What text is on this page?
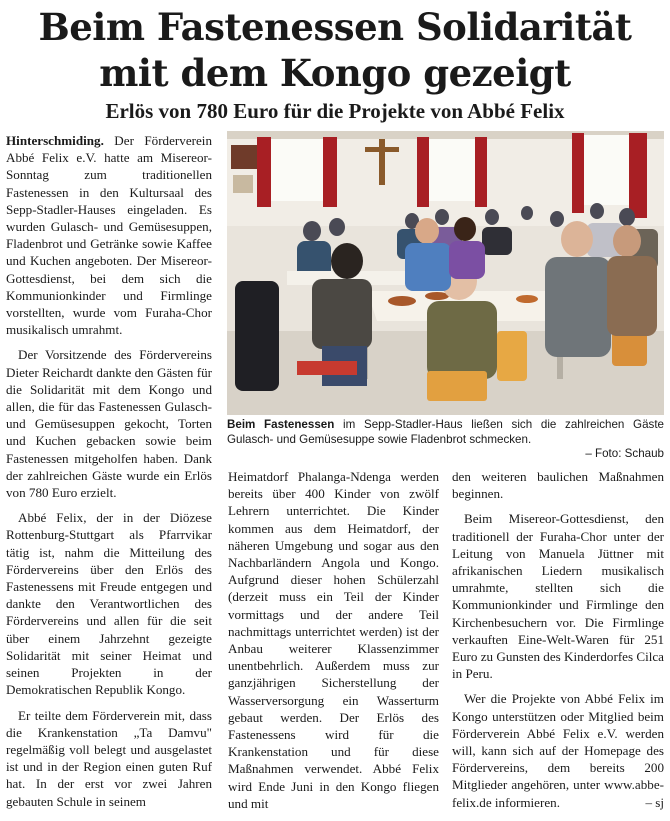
Beim Fastenessen Solidarität
mit dem Kongo gezeigt
Erlös von 780 Euro für die Projekte von Abbé Felix

Hinterschmiding. Der Förderverein Abbé Felix e.V. hatte am Misereor-Sonntag zum traditionellen Fastenessen in den Kultursaal des Sepp-Stadler-Hauses eingeladen. Es wurden Gulasch- und Gemüsesuppen, Fladenbrot und Getränke sowie Kaffee und Kuchen angeboten. Der Misereor-Gottesdienst, bei dem sich die Kommunionkinder und Firmlinge vorstellten, wurde vom Furaha-Chor musikalisch umrahmt.

Der Vorsitzende des Fördervereins Dieter Reichardt dankte den Gästen für die Solidarität mit dem Kongo und allen, die für das Fastenessen Gulasch- und Gemüsesuppen gekocht, Torten und Kuchen gebacken sowie beim Fastenessen mitgeholfen haben. Dank der zahlreichen Gäste wurde ein Erlös von 780 Euro erzielt.

Abbé Felix, der in der Diözese Rottenburg-Stuttgart als Pfarrvikar tätig ist, nahm die Mitteilung des Fördervereins über den Erlös des Fastenessens mit Freude entgegen und dankte den Verantwortlichen des Fördervereins und allen für die seit über einem Jahrzehnt gezeigte Solidarität mit seiner Heimat und seinen Projekten in der Demokratischen Republik Kongo.

Er teilte dem Förderverein mit, dass die Krankenstation „Ta Damvu" regelmäßig voll belegt und ausgelastet ist und in der Region einen guten Ruf hat. In der erst vor zwei Jahren gebauten Schule in seinem

Beim Fastenessen im Sepp-Stadler-Haus ließen sich die zahlreichen Gäste Gulasch- und Gemüsesuppe sowie Fladenbrot schmecken.
– Foto: Schaub

Heimatdorf Phalanga-Ndenga werden bereits über 400 Kinder von zwölf Lehrern unterrichtet. Die Kinder kommen aus dem Heimatdorf, der näheren Umgebung und sogar aus den Nachbarländern Angola und Kongo. Aufgrund dieser hohen Schülerzahl (derzeit muss ein Teil der Kinder vormittags und der andere Teil nachmittags unterrichtet werden) ist der Anbau weiterer Klassenzimmer unentbehrlich. Außerdem muss zur ganzjährigen Sicherstellung der Wasserversorgung ein Wasserturm gebaut werden. Der Erlös des Fastenessens wird für die Krankenstation und für diese Maßnahmen verwendet. Abbé Felix wird Ende Juni in den Kongo fliegen und mit

den weiteren baulichen Maßnahmen beginnen.

Beim Misereor-Gottesdienst, den traditionell der Furaha-Chor unter der Leitung von Manuela Jüttner mit afrikanischen Liedern musikalisch umrahmte, stellten sich die Kommunionkinder und Firmlinge den Kirchenbesuchern vor. Die Firmlinge verkauften Eine-Welt-Waren für 251 Euro zu Gunsten des Kinderdorfes Cilca in Peru.

Wer die Projekte von Abbé Felix im Kongo unterstützen oder Mitglied beim Förderverein Abbé Felix e.V. werden will, kann sich auf der Homepage des Fördervereins, dem bereits 200 Mitglieder angehören, unter www.abbe-felix.de informieren.	– sj
